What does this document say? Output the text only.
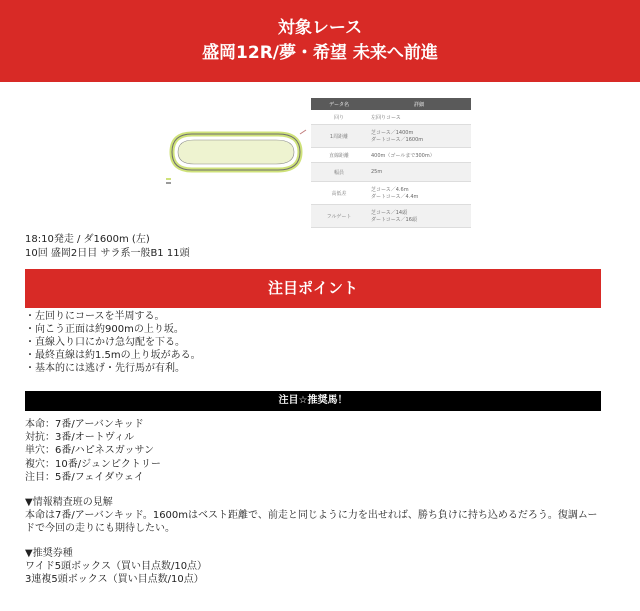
対象レース
盛岡12R/夢・希望 未来へ前進
データ名	詳細
回り	左回りコース
1周距離	芝コース／1400m
ダートコース／1600m
直線距離	400m（ゴールまで300m）
幅員	25m
高低差	芝コース／4.6m
ダートコース／4.4m
フルゲート	芝コース／14頭
ダートコース／16頭
18:10発走 / ダ1600m (左)
10回 盛岡2日目 サラ系一般B1 11頭
注目ポイント
・左回りにコースを半周する。
・向こう正面は約900mの上り坂。
・直線入り口にかけ急勾配を下る。
・最終直線は約1.5mの上り坂がある。
・基本的には逃げ・先行馬が有利。
注目☆推奨馬！
本命：7番/アーバンキッド
対抗：3番/オートヴィル
単穴：6番/ハピネスガッサン
複穴：10番/ジュンピクトリー
注目：5番/フェイダウェイ

▼情報精査班の見解

本命は7番/アーバンキッド。1600mはベスト距離で、前走と同じように力を出せれば、勝ち負けに持ち込めるだろう。復調ムードで今回の走りにも期待したい。

▼推奨券種
ワイド5頭ボックス（買い目点数/10点）
3連複5頭ボックス（買い目点数/10点）
